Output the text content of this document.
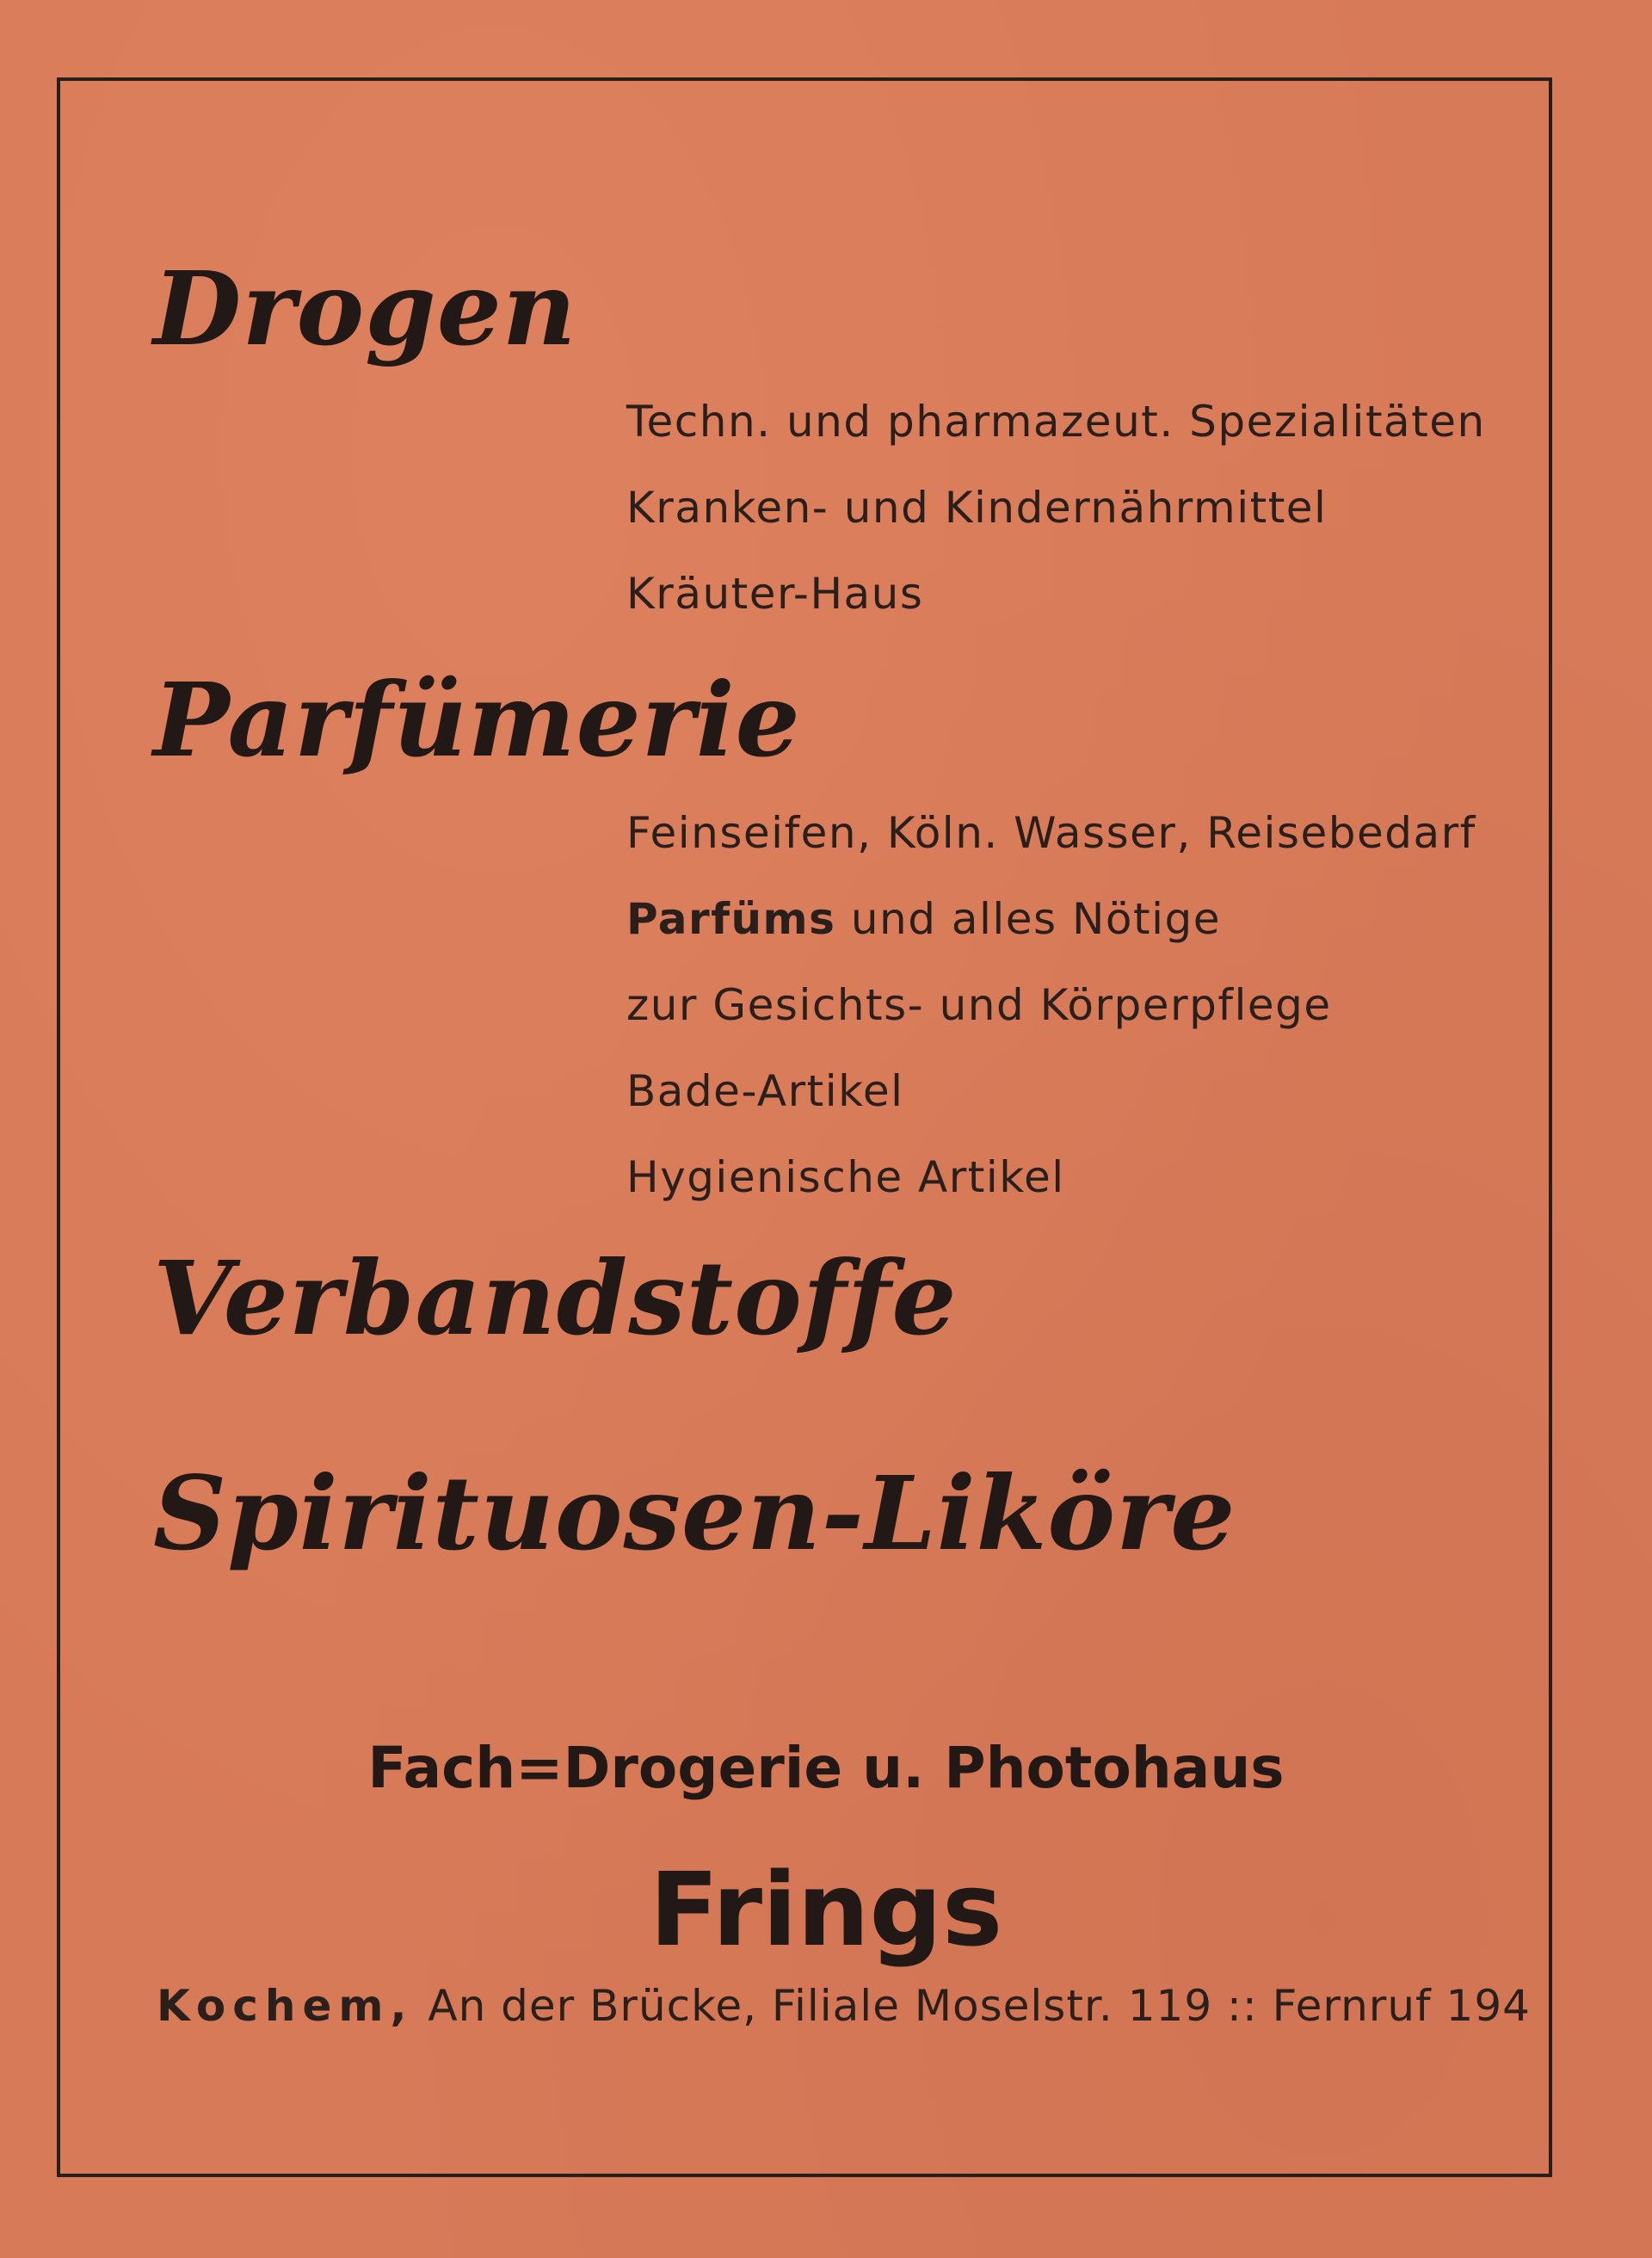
Drogen

Techn. und pharmazeut. Spezialitäten

Kranken- und Kindernährmittel

Kräuter-Haus

Parfümerie

Feinseifen, Köln. Wasser, Reisebedarf

Parfüms und alles Nötige

zur Gesichts- und Körperpflege

Bade-Artikel

Hygienische Artikel

Verbandstoffe
Spirituosen-Liköre

Fach=Drogerie u. Photohaus

Frings

Kochem, An der Brücke, Filiale Moselstr. 119 :: Fernruf 194
